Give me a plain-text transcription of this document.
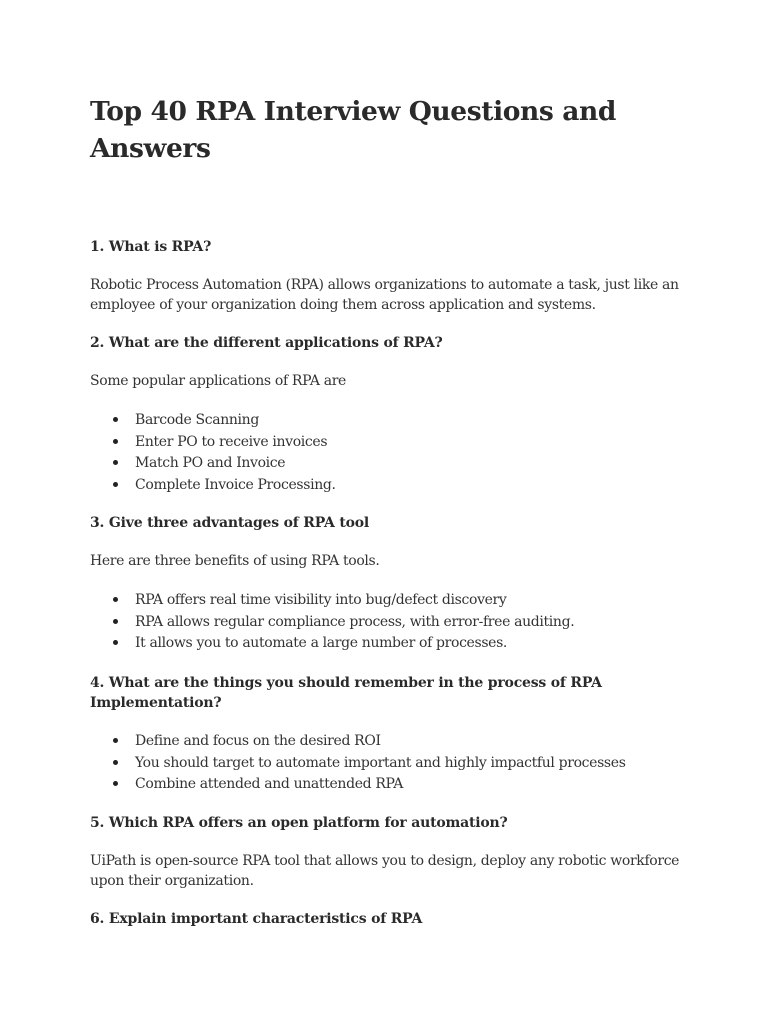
Top 40 RPA Interview Questions and Answers
1. What is RPA?

Robotic Process Automation (RPA) allows organizations to automate a task, just like an employee of your organization doing them across application and systems.

2. What are the different applications of RPA?

Some popular applications of RPA are

Barcode Scanning
Enter PO to receive invoices
Match PO and Invoice
Complete Invoice Processing.
3. Give three advantages of RPA tool

Here are three benefits of using RPA tools.

RPA offers real time visibility into bug/defect discovery
RPA allows regular compliance process, with error-free auditing.
It allows you to automate a large number of processes.
4. What are the things you should remember in the process of RPA Implementation?
Define and focus on the desired ROI
You should target to automate important and highly impactful processes
Combine attended and unattended RPA
5. Which RPA offers an open platform for automation?

UiPath is open-source RPA tool that allows you to design, deploy any robotic workforce upon their organization.

6. Explain important characteristics of RPA
